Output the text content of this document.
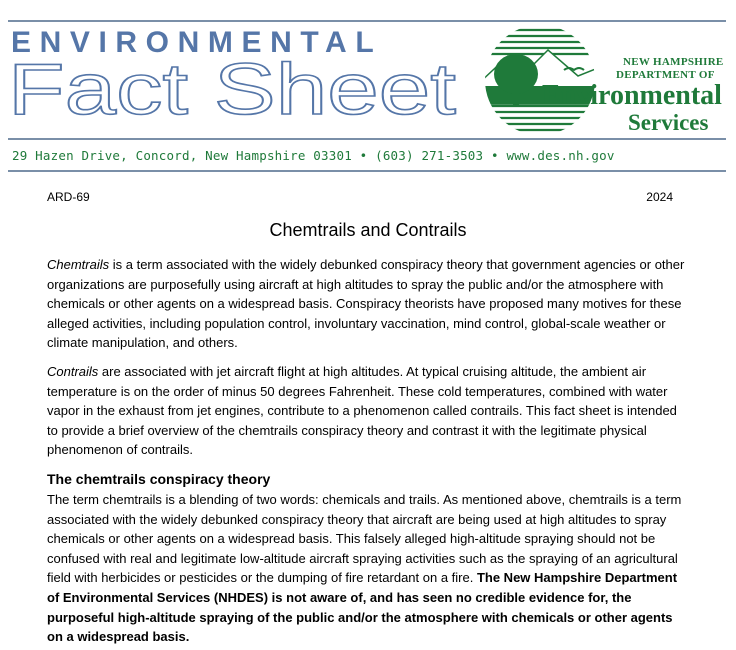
ENVIRONMENTAL
Fact Sheet	NEW HAMPSHIRE
DEPARTMENT OF
Environmental
Services
29 Hazen Drive, Concord, New Hampshire 03301 • (603) 271-3503 • www.des.nh.gov
ARD-69	2024
Chemtrails and Contrails

Chemtrails is a term associated with the widely debunked conspiracy theory that government agencies or other organizations are purposefully using aircraft at high altitudes to spray the public and/or the atmosphere with chemicals or other agents on a widespread basis. Conspiracy theorists have proposed many motives for these alleged activities, including population control, involuntary vaccination, mind control, global-scale weather or climate manipulation, and others.

Contrails are associated with jet aircraft flight at high altitudes. At typical cruising altitude, the ambient air temperature is on the order of minus 50 degrees Fahrenheit. These cold temperatures, combined with water vapor in the exhaust from jet engines, contribute to a phenomenon called contrails. This fact sheet is intended to provide a brief overview of the chemtrails conspiracy theory and contrast it with the legitimate physical phenomenon of contrails.

The chemtrails conspiracy theory

The term chemtrails is a blending of two words: chemicals and trails. As mentioned above, chemtrails is a term associated with the widely debunked conspiracy theory that aircraft are being used at high altitudes to spray chemicals or other agents on a widespread basis. This falsely alleged high-altitude spraying should not be confused with real and legitimate low-altitude aircraft spraying activities such as the spraying of an agricultural field with herbicides or pesticides or the dumping of fire retardant on a fire. The New Hampshire Department of Environmental Services (NHDES) is not aware of, and has seen no credible evidence for, the purposeful high-altitude spraying of the public and/or the atmosphere with chemicals or other agents on a widespread basis.
